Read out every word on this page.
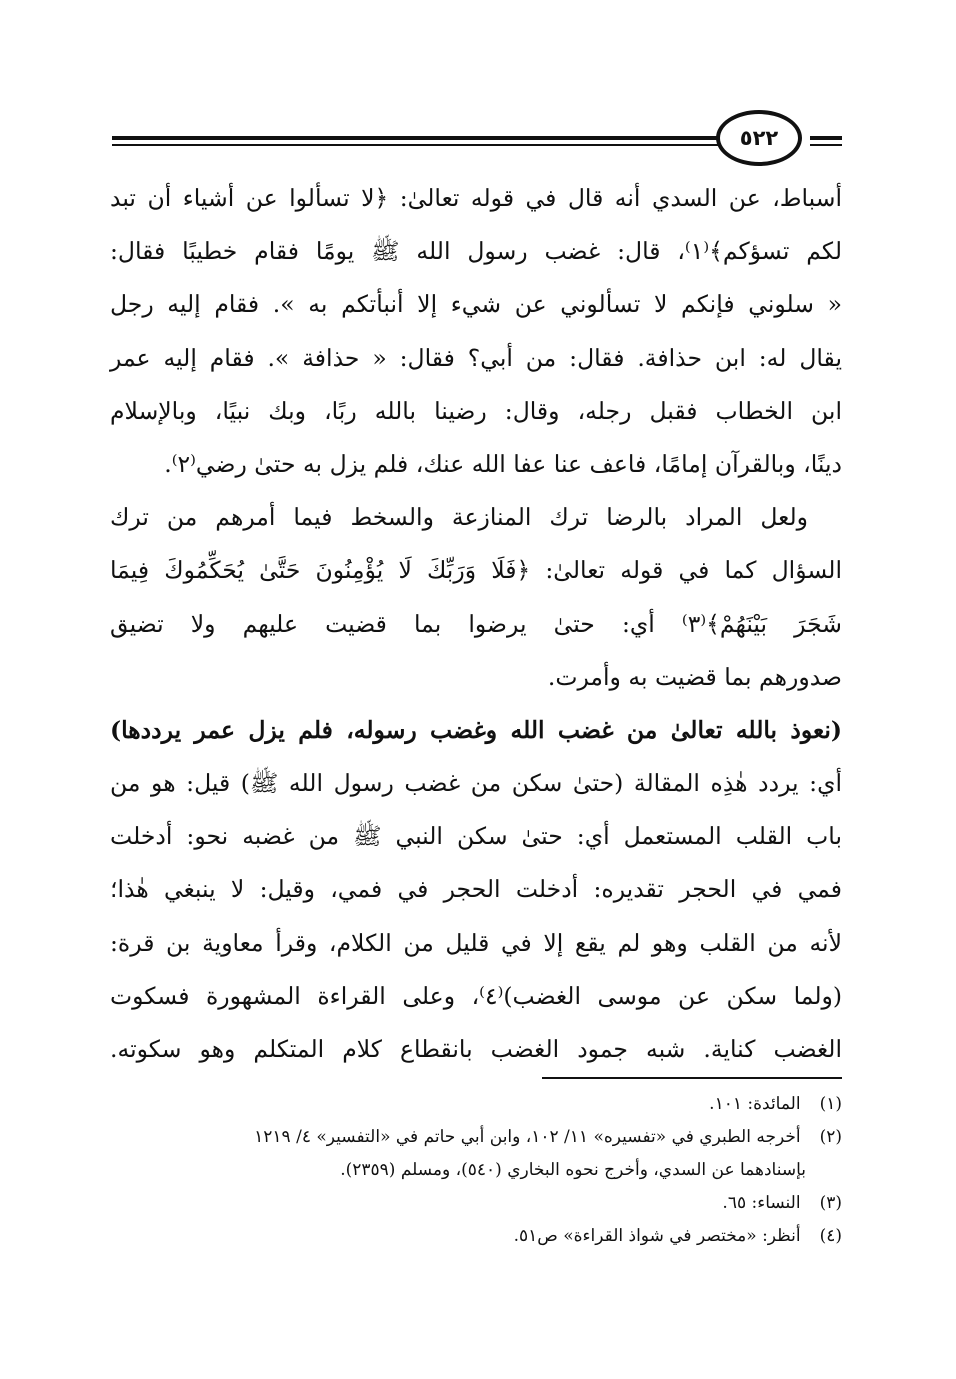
٥٢٢
أسباط، عن السدي أنه قال في قوله تعالىٰ: ﴿لا تسألوا عن أشياء أن تبد
لكم تسؤكم﴾⁽١⁾، قال: غضب رسول الله ﷺ يومًا فقام خطيبًا فقال:
« سلوني فإنكم لا تسألوني عن شيء إلا أنبأتكم به ». فقام إليه رجل
يقال له: ابن حذافة. فقال: من أبي؟ فقال: « حذافة ». فقام إليه عمر
ابن الخطاب فقبل رجله، وقال: رضينا بالله ربًا، وبك نبيًا، وبالإسلام
دينًا، وبالقرآن إمامًا، فاعف عنا عفا الله عنك، فلم يزل به حتىٰ رضي⁽٢⁾.
ولعل المراد بالرضا ترك المنازعة والسخط فيما أمرهم من ترك
السؤال كما في قوله تعالىٰ: ﴿فَلَا وَرَبِّكَ لَا يُؤْمِنُونَ حَتَّىٰ يُحَكِّمُوكَ فِيمَا
شَجَرَ بَيْنَهُمْ﴾⁽٣⁾ أي: حتىٰ يرضوا بما قضيت عليهم ولا تضيق
صدورهم بما قضيت به وأمرت.
(نعوذ بالله تعالىٰ من غضب الله وغضب رسوله، فلم يزل عمر يرددها)
أي: يردد هٰذِه المقالة (حتىٰ سكن من غضب رسول الله ﷺ) قيل: هو من
باب القلب المستعمل أي: حتىٰ سكن النبي ﷺ من غضبه نحو: أدخلت
فمي في الحجر تقديره: أدخلت الحجر في فمي، وقيل: لا ينبغي هٰذا؛
لأنه من القلب وهو لم يقع إلا في قليل من الكلام، وقرأ معاوية بن قرة:
(ولما سكن عن موسى الغضب)⁽٤⁾، وعلى القراءة المشهورة فسكوت
الغضب كناية. شبه جمود الغضب بانقطاع كلام المتكلم وهو سكوته.
(١) المائدة: ١٠١.
(٢) أخرجه الطبري في «تفسيره» ١١/ ١٠٢، وابن أبي حاتم في «التفسير» ٤/ ١٢١٩
بإسنادهما عن السدي، وأخرج نحوه البخاري (٥٤٠)، ومسلم (٢٣٥٩).
(٣) النساء: ٦٥.
(٤) أنظر: «مختصر في شواذ القراءة» ص٥١.
